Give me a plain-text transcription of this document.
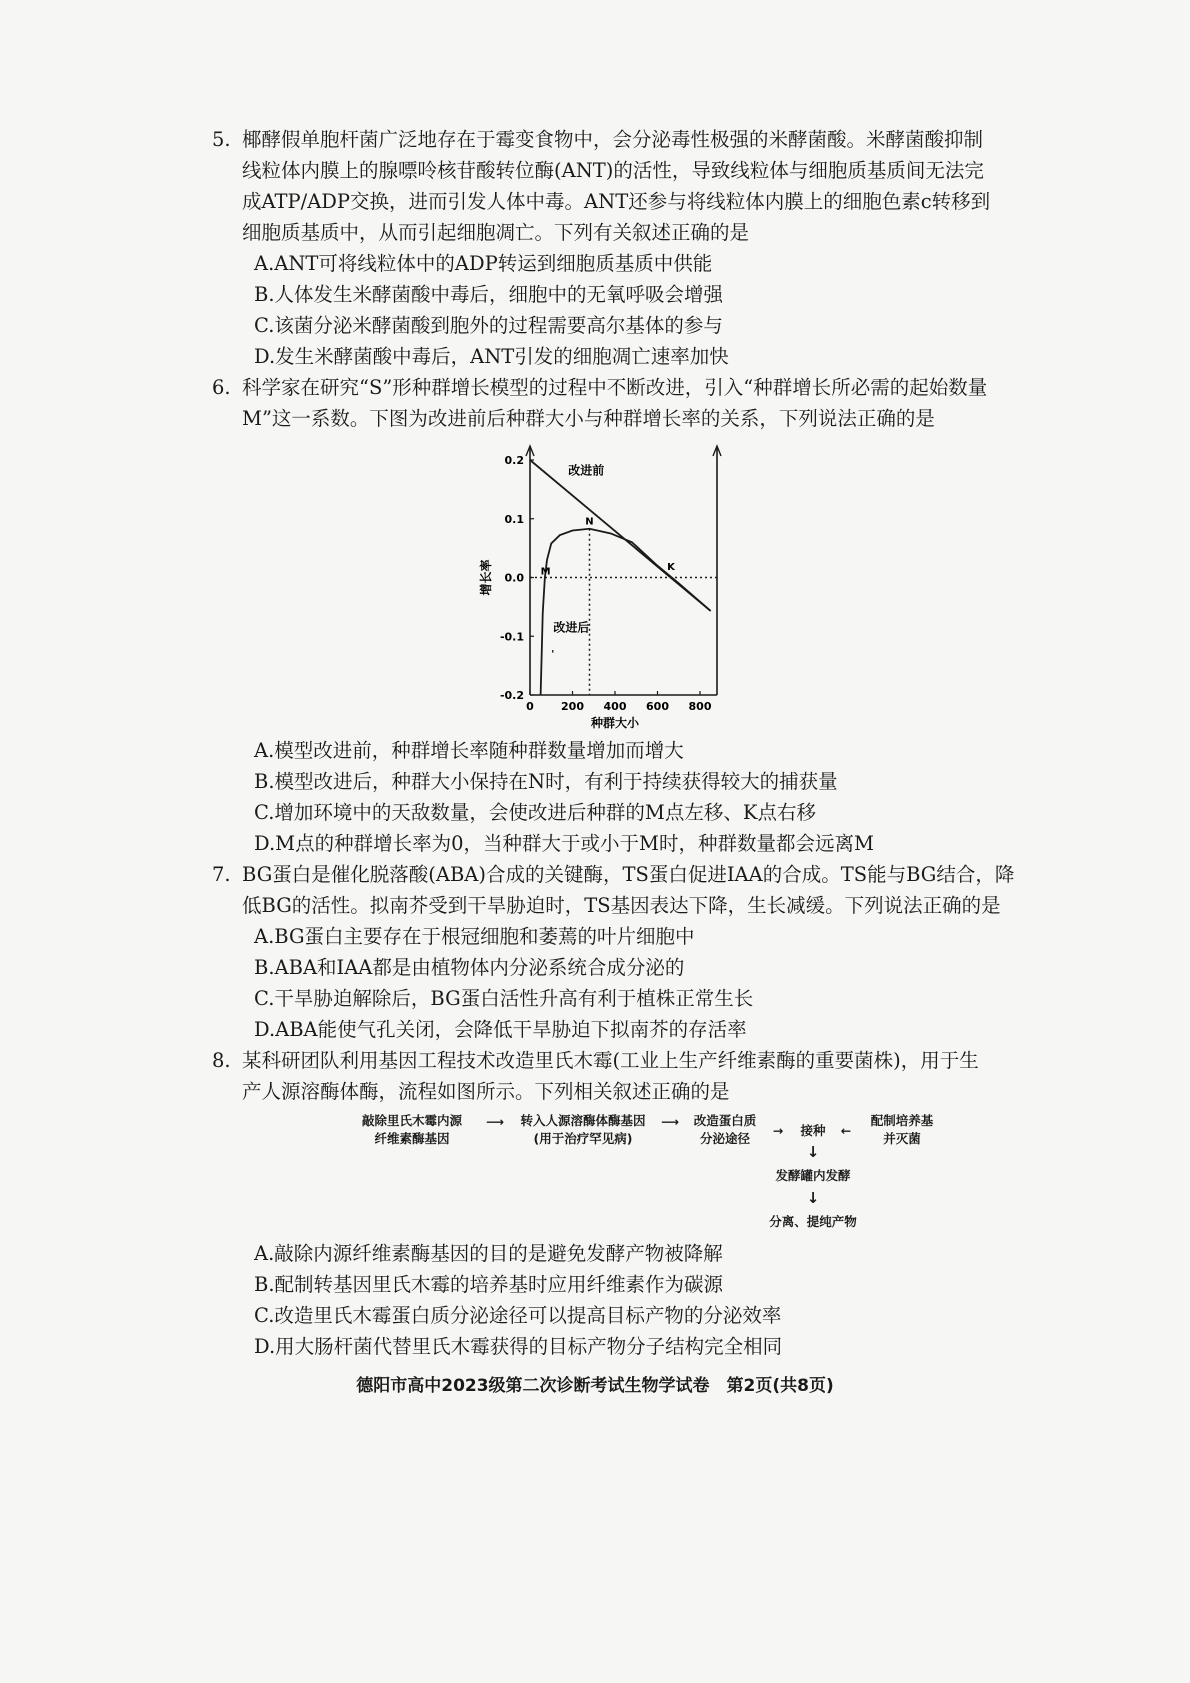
5. 椰酵假单胞杆菌广泛地存在于霉变食物中，会分泌毒性极强的米酵菌酸。米酵菌酸抑制
线粒体内膜上的腺嘌呤核苷酸转位酶(ANT)的活性，导致线粒体与细胞质基质间无法完
成ATP/ADP交换，进而引发人体中毒。ANT还参与将线粒体内膜上的细胞色素c转移到
细胞质基质中，从而引起细胞凋亡。下列有关叙述正确的是
A.ANT可将线粒体中的ADP转运到细胞质基质中供能
B.人体发生米酵菌酸中毒后，细胞中的无氧呼吸会增强
C.该菌分泌米酵菌酸到胞外的过程需要高尔基体的参与
D.发生米酵菌酸中毒后，ANT引发的细胞凋亡速率加快
6. 科学家在研究“S”形种群增长模型的过程中不断改进，引入“种群增长所必需的起始数量
M”这一系数。下图为改进前后种群大小与种群增长率的关系，下列说法正确的是
0.2
0.1
0.0
-0.1
-0.2
0 200 400 600 800
种群大小
增长率
改进前
改进后
M
N
K
'
A.模型改进前，种群增长率随种群数量增加而增大
B.模型改进后，种群大小保持在N时，有利于持续获得较大的捕获量
C.增加环境中的天敌数量，会使改进后种群的M点左移、K点右移
D.M点的种群增长率为0，当种群大于或小于M时，种群数量都会远离M
7. BG蛋白是催化脱落酸(ABA)合成的关键酶，TS蛋白促进IAA的合成。TS能与BG结合，降
低BG的活性。拟南芥受到干旱胁迫时，TS基因表达下降，生长减缓。下列说法正确的是
A.BG蛋白主要存在于根冠细胞和萎蔫的叶片细胞中
B.ABA和IAA都是由植物体内分泌系统合成分泌的
C.干旱胁迫解除后，BG蛋白活性升高有利于植株正常生长
D.ABA能使气孔关闭，会降低干旱胁迫下拟南芥的存活率
8. 某科研团队利用基因工程技术改造里氏木霉(工业上生产纤维素酶的重要菌株)，用于生
产人源溶酶体酶，流程如图所示。下列相关叙述正确的是
敲除里氏木霉内源
纤维素酶基因
⟶	转入人源溶酶体酶基因
(用于治疗罕见病)
⟶	改造蛋白质
分泌途径
→	接种	←
配制培养基
并灭菌
↓
发酵罐内发酵
↓
分离、提纯产物
A.敲除内源纤维素酶基因的目的是避免发酵产物被降解
B.配制转基因里氏木霉的培养基时应用纤维素作为碳源
C.改造里氏木霉蛋白质分泌途径可以提高目标产物的分泌效率
D.用大肠杆菌代替里氏木霉获得的目标产物分子结构完全相同
德阳市高中2023级第二次诊断考试生物学试卷　第2页(共8页)
